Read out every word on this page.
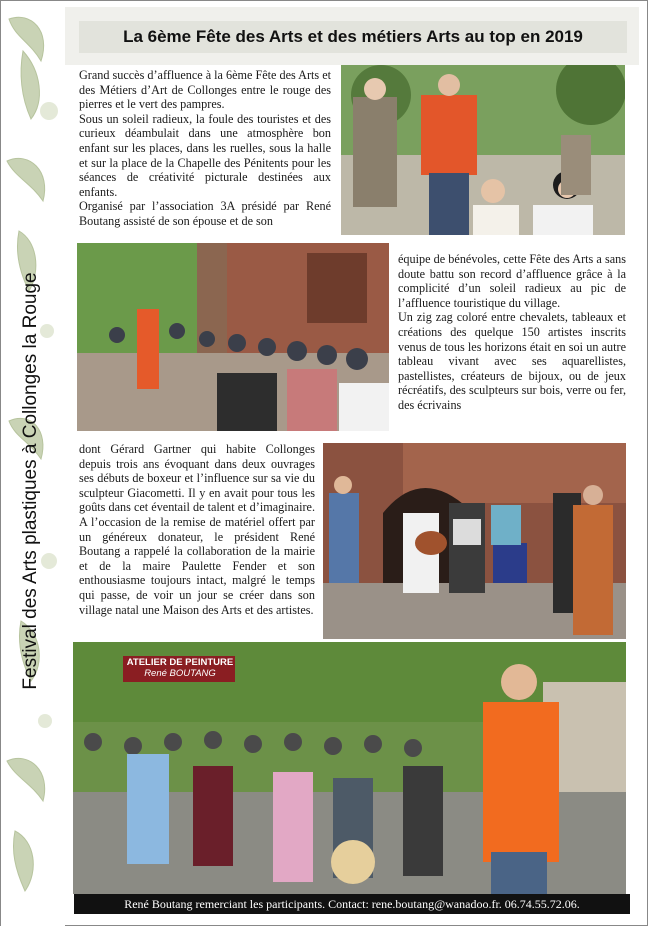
Festival des Arts plastiques à Collonges la Rouge
La 6ème Fête des Arts et des métiers Arts au top en 2019

Grand succès d’affluence à la 6ème Fête des Arts et des Métiers d’Art de Collonges entre le rouge des pierres et le vert des pampres.

Sous un soleil radieux, la foule des touristes et des curieux déambulait dans une atmosphère bon enfant sur les places, dans les ruelles, sous la halle et sur la place de la Chapelle des Pénitents pour les séances de créativité picturale destinées aux enfants.

Organisé par l’association 3A présidé par René Boutang assisté de son épouse et de son

équipe de bénévoles, cette Fête des Arts a sans doute battu son record d’affluence grâce à la complicité d’un soleil radieux au pic de l’affluence touristique du village.

Un zig zag coloré entre chevalets, tableaux et créations des quelque 150 artistes inscrits venus de tous les horizons était en soi un autre tableau vivant avec ses aquarellistes, pastellistes, créateurs de bijoux, ou de jeux récréatifs, des sculpteurs sur bois, verre ou fer, des écrivains

dont Gérard Gartner qui habite Collonges depuis trois ans évoquant dans deux ouvrages ses débuts de boxeur et l’influence sur sa vie du sculpteur Giacometti. Il y en avait pour tous les goûts dans cet éventail de talent et d’imaginaire. A l’occasion de la remise de matériel offert par un généreux donateur, le président René Boutang a rappelé la collaboration de la mairie et de la maire Paulette Fender et son enthousiasme toujours intact, malgré le temps qui passe, de voir un jour se créer dans son village natal une Maison des Arts et des artistes.

ATELIER DE PEINTURE
René BOUTANG
René Boutang remerciant les participants. Contact: rene.boutang@wanadoo.fr. 06.74.55.72.06.
